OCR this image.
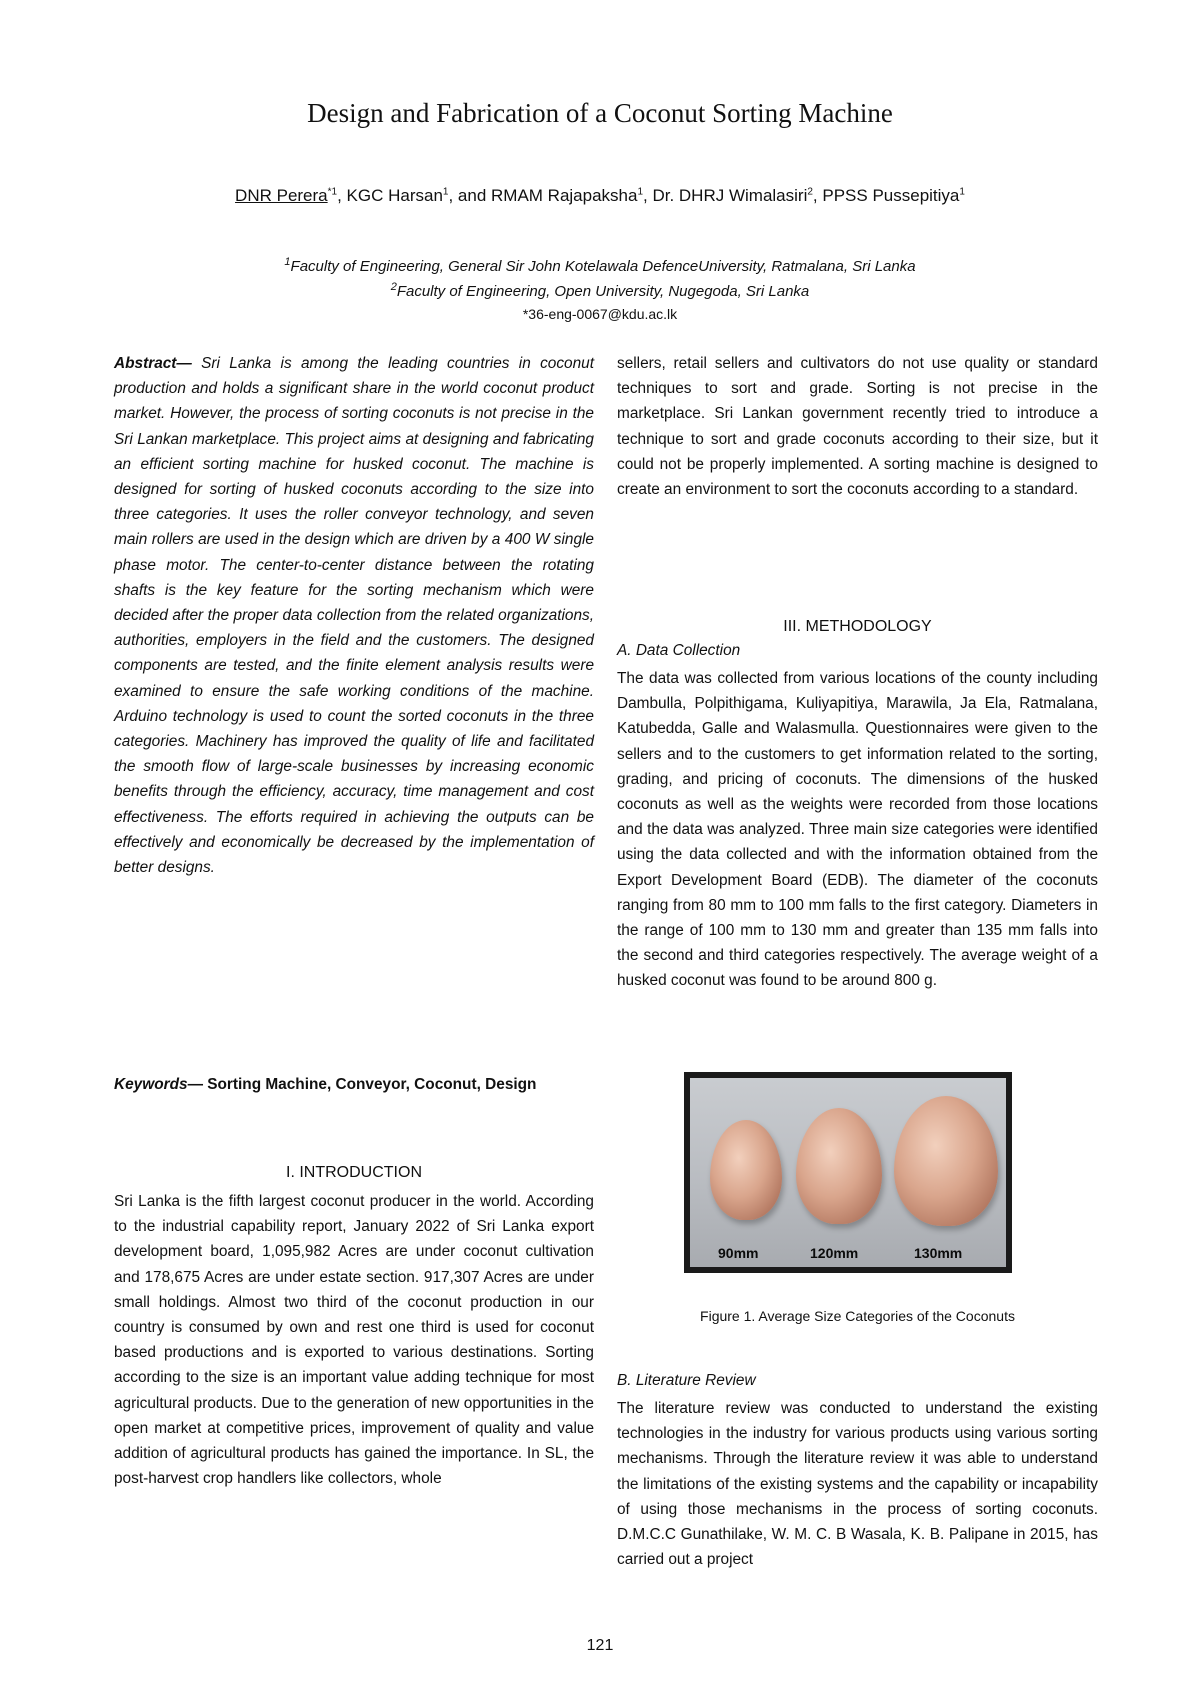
Design and Fabrication of a Coconut Sorting Machine
DNR Perera$^{*1}$, KGC Harsan$^1$, and RMAM Rajapaksha$^1$, Dr. DHRJ Wimalasiri$^2$, PPSS Pussepitiya$^1$
$^1$Faculty of Engineering, General Sir John Kotelawala DefenceUniversity, Ratmalana, Sri Lanka
$^2$Faculty of Engineering, Open University, Nugegoda, Sri Lanka
*36-eng-0067@kdu.ac.lk

Abstract— Sri Lanka is among the leading countries in coconut production and holds a significant share in the world coconut product market. However, the process of sorting coconuts is not precise in the Sri Lankan marketplace. This project aims at designing and fabricating an efficient sorting machine for husked coconut. The machine is designed for sorting of husked coconuts according to the size into three categories. It uses the roller conveyor technology, and seven main rollers are used in the design which are driven by a 400 W single phase motor. The center-to-center distance between the rotating shafts is the key feature for the sorting mechanism which were decided after the proper data collection from the related organizations, authorities, employers in the field and the customers. The designed components are tested, and the finite element analysis results were examined to ensure the safe working conditions of the machine. Arduino technology is used to count the sorted coconuts in the three categories. Machinery has improved the quality of life and facilitated the smooth flow of large-scale businesses by increasing economic benefits through the efficiency, accuracy, time management and cost effectiveness. The efforts required in achieving the outputs can be effectively and economically be decreased by the implementation of better designs.

Keywords— Sorting Machine, Conveyor, Coconut, Design
I. INTRODUCTION

Sri Lanka is the fifth largest coconut producer in the world. According to the industrial capability report, January 2022 of Sri Lanka export development board, 1,095,982 Acres are under coconut cultivation and 178,675 Acres are under estate section. 917,307 Acres are under small holdings. Almost two third of the coconut production in our country is consumed by own and rest one third is used for coconut based productions and is exported to various destinations. Sorting according to the size is an important value adding technique for most agricultural products. Due to the generation of new opportunities in the open market at competitive prices, improvement of quality and value addition of agricultural products has gained the importance. In SL, the post-harvest crop handlers like collectors, whole

sellers, retail sellers and cultivators do not use quality or standard techniques to sort and grade. Sorting is not precise in the marketplace. Sri Lankan government recently tried to introduce a technique to sort and grade coconuts according to their size, but it could not be properly implemented. A sorting machine is designed to create an environment to sort the coconuts according to a standard.

III. METHODOLOGY
A. Data Collection

The data was collected from various locations of the county including Dambulla, Polpithigama, Kuliyapitiya, Marawila, Ja Ela, Ratmalana, Katubedda, Galle and Walasmulla. Questionnaires were given to the sellers and to the customers to get information related to the sorting, grading, and pricing of coconuts. The dimensions of the husked coconuts as well as the weights were recorded from those locations and the data was analyzed. Three main size categories were identified using the data collected and with the information obtained from the Export Development Board (EDB). The diameter of the coconuts ranging from 80 mm to 100 mm falls to the first category. Diameters in the range of 100 mm to 130 mm and greater than 135 mm falls into the second and third categories respectively. The average weight of a husked coconut was found to be around 800 g.

90mm	120mm	130mm
Figure 1. Average Size Categories of the Coconuts
B. Literature Review

The literature review was conducted to understand the existing technologies in the industry for various products using various sorting mechanisms. Through the literature review it was able to understand the limitations of the existing systems and the capability or incapability of using those mechanisms in the process of sorting coconuts. D.M.C.C Gunathilake, W. M. C. B Wasala, K. B. Palipane in 2015, has carried out a project

121
